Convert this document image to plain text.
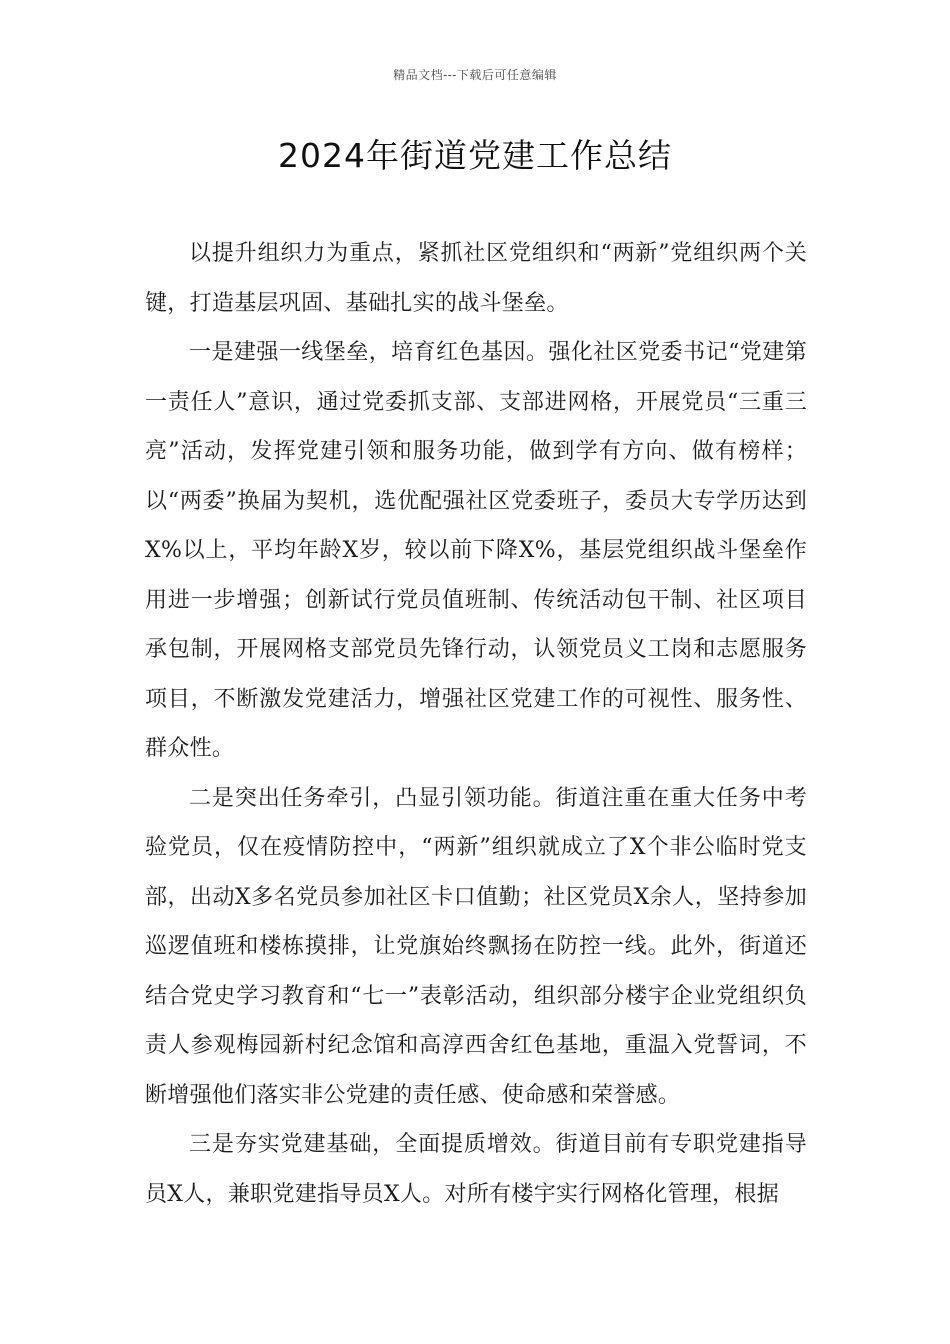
精品文档---下载后可任意编辑
2024年街道党建工作总结

以提升组织力为重点，紧抓社区党组织和“两新”党组织两个关键，打造基层巩固、基础扎实的战斗堡垒。

一是建强一线堡垒，培育红色基因。强化社区党委书记“党建第一责任人”意识，通过党委抓支部、支部进网格，开展党员“三重三亮”活动，发挥党建引领和服务功能，做到学有方向、做有榜样；以“两委”换届为契机，选优配强社区党委班子，委员大专学历达到X%以上，平均年龄X岁，较以前下降X%，基层党组织战斗堡垒作用进一步增强；创新试行党员值班制、传统活动包干制、社区项目承包制，开展网格支部党员先锋行动，认领党员义工岗和志愿服务项目，不断激发党建活力，增强社区党建工作的可视性、服务性、群众性。

二是突出任务牵引，凸显引领功能。街道注重在重大任务中考验党员，仅在疫情防控中，“两新”组织就成立了X个非公临时党支部，出动X多名党员参加社区卡口值勤；社区党员X余人，坚持参加巡逻值班和楼栋摸排，让党旗始终飘扬在防控一线。此外，街道还结合党史学习教育和“七一”表彰活动，组织部分楼宇企业党组织负责人参观梅园新村纪念馆和高淳西舍红色基地，重温入党誓词，不断增强他们落实非公党建的责任感、使命感和荣誉感。

三是夯实党建基础，全面提质增效。街道目前有专职党建指导员X人，兼职党建指导员X人。对所有楼宇实行网格化管理，根据
